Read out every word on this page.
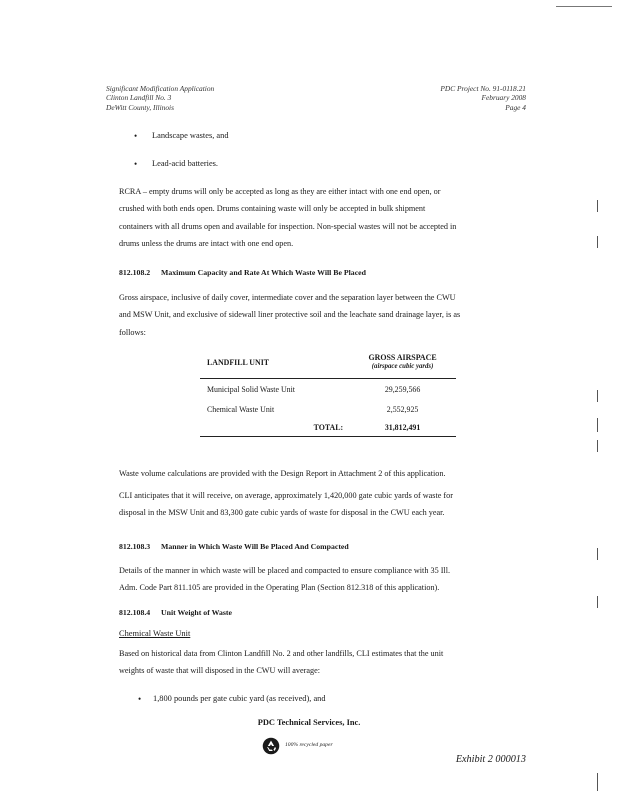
Significant Modification Application
Clinton Landfill No. 3
DeWitt County, Illinois
PDC Project No. 91-0118.21
February 2008
Page 4
• Landscape wastes, and
• Lead-acid batteries.
RCRA – empty drums will only be accepted as long as they are either intact with one end open, or
crushed with both ends open. Drums containing waste will only be accepted in bulk shipment
containers with all drums open and available for inspection. Non-special wastes will not be accepted in
drums unless the drums are intact with one end open.
812.108.2 Maximum Capacity and Rate At Which Waste Will Be Placed
Gross airspace, inclusive of daily cover, intermediate cover and the separation layer between the CWU
and MSW Unit, and exclusive of sidewall liner protective soil and the leachate sand drainage layer, is as
follows:
LANDFILL UNIT	GROSS AIRSPACE
(airspace cubic yards)

Municipal Solid Waste Unit	29,259,566
Chemical Waste Unit	2,552,925
TOTAL:	31,812,491
Waste volume calculations are provided with the Design Report in Attachment 2 of this application.
CLI anticipates that it will receive, on average, approximately 1,420,000 gate cubic yards of waste for
disposal in the MSW Unit and 83,300 gate cubic yards of waste for disposal in the CWU each year.
812.108.3 Manner in Which Waste Will Be Placed And Compacted
Details of the manner in which waste will be placed and compacted to ensure compliance with 35 Ill.
Adm. Code Part 811.105 are provided in the Operating Plan (Section 812.318 of this application).
812.108.4 Unit Weight of Waste
Chemical Waste Unit
Based on historical data from Clinton Landfill No. 2 and other landfills, CLI estimates that the unit
weights of waste that will disposed in the CWU will average:
• 1,800 pounds per gate cubic yard (as received), and
PDC Technical Services, Inc.
100% recycled paper
Exhibit 2 000013
